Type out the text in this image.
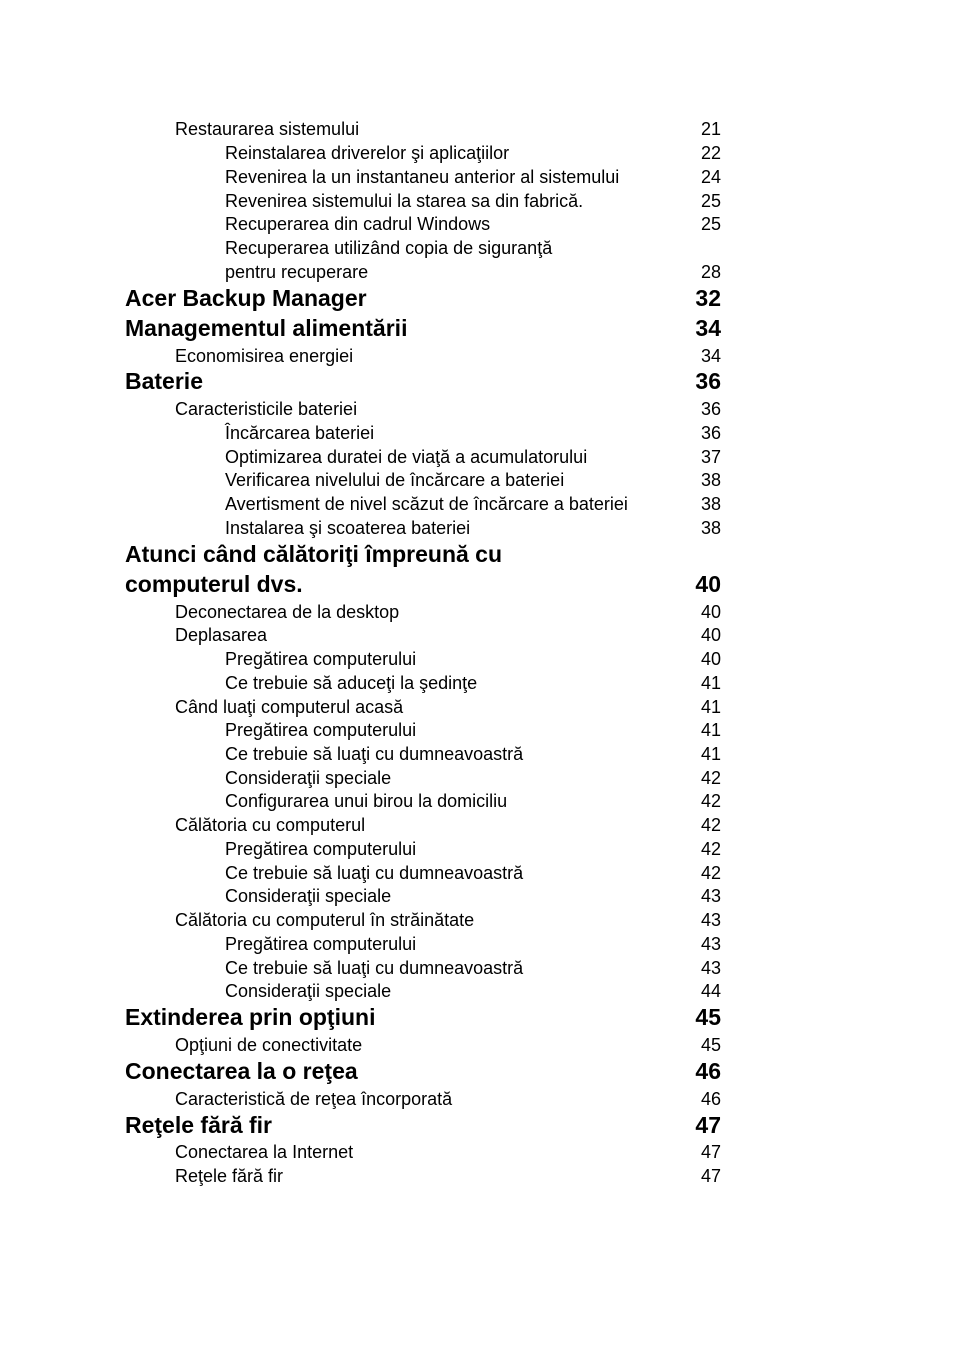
Restaurarea sistemului	21
Reinstalarea driverelor şi aplicaţiilor	22
Revenirea la un instantaneu anterior al sistemului	24
Revenirea sistemului la starea sa din fabrică.	25
Recuperarea din cadrul Windows	25
Recuperarea utilizând copia de siguranţă
pentru recuperare	28
Acer Backup Manager	32
Managementul alimentării	34
Economisirea energiei	34
Baterie	36
Caracteristicile bateriei	36
Încărcarea bateriei	36
Optimizarea duratei de viaţă a acumulatorului	37
Verificarea nivelului de încărcare a bateriei	38
Avertisment de nivel scăzut de încărcare a bateriei	38
Instalarea şi scoaterea bateriei	38
Atunci când călătoriţi împreună cu
computerul dvs.	40
Deconectarea de la desktop	40
Deplasarea	40
Pregătirea computerului	40
Ce trebuie să aduceţi la şedinţe	41
Când luaţi computerul acasă	41
Pregătirea computerului	41
Ce trebuie să luaţi cu dumneavoastră	41
Consideraţii speciale	42
Configurarea unui birou la domiciliu	42
Călătoria cu computerul	42
Pregătirea computerului	42
Ce trebuie să luaţi cu dumneavoastră	42
Consideraţii speciale	43
Călătoria cu computerul în străinătate	43
Pregătirea computerului	43
Ce trebuie să luaţi cu dumneavoastră	43
Consideraţii speciale	44
Extinderea prin opţiuni	45
Opţiuni de conectivitate	45
Conectarea la o reţea	46
Caracteristică de reţea încorporată	46
Reţele fără fir	47
Conectarea la Internet	47
Reţele fără fir	47
